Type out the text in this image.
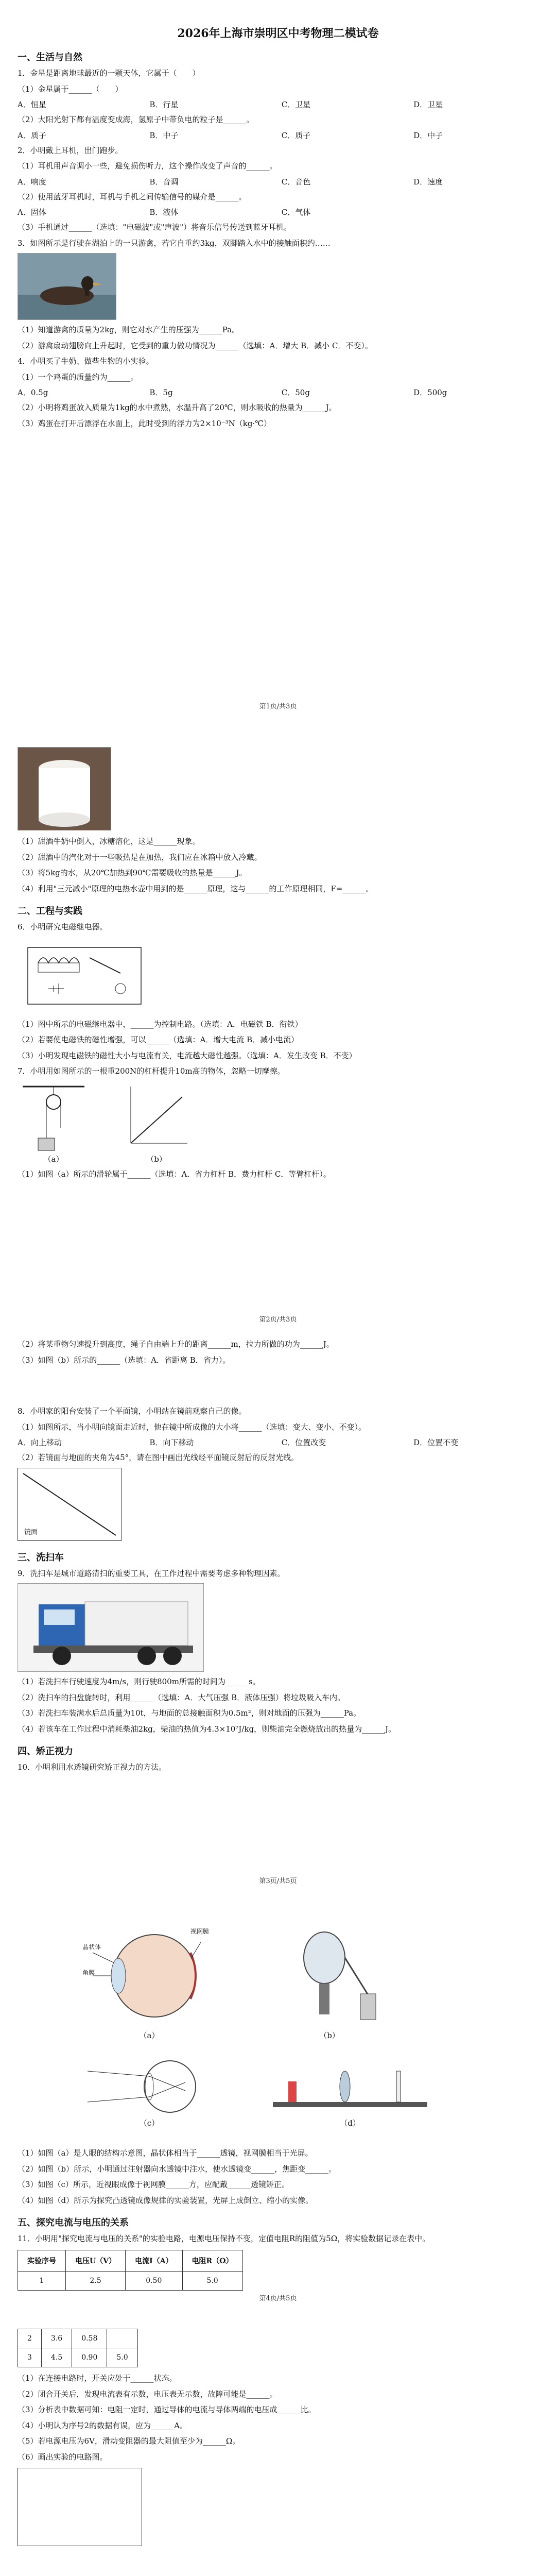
2026年上海市崇明区中考物理二模试卷
一、生活与自然

1．金星是距离地球最近的一颗天体，它属于（　　）

（1）金星属于______（　　）

A．恒星	B．行星	C．卫星	D．卫星

（2）大阳光射下都有温度变成海，氢原子中带负电的粒子是______。

A．质子	B．中子	C．质子	D．中子

2．小明戴上耳机，出门跑步。

（1）耳机用声音调小一些，避免损伤听力，这个操作改变了声音的______。

A．响度	B．音调	C．音色	D．速度

（2）使用蓝牙耳机时，耳机与手机之间传输信号的媒介是______。

A．固体	B．液体	C．气体

（3）手机通过______（选填："电磁波"或"声波"）将音乐信号传送到蓝牙耳机。

3．如图所示是行驶在湖泊上的一只游禽，若它自重约3kg，双脚踏入水中的接触面积约……

（1）知道游禽的质量为2kg，则它对水产生的压强为______Pa。

（2）游禽扇动翅膀向上升起时，它受到的重力做功情况为______（选填：A．增大 B．减小 C．不变）。

4．小明买了牛奶、做些生物的小实验。

（1）一个鸡蛋的质量约为______。

A．0.5g	B．5g	C．50g	D．500g

（2）小明将鸡蛋放入质量为1kg的水中煮熟，水温升高了20℃，则水吸收的热量为______J。

（3）鸡蛋在打开后漂浮在水面上，此时受到的浮力为2×10⁻³N（kg·℃）

第1页/共3页

（1）甜酒牛奶中倒入，冰糖溶化，这是______现象。

（2）甜酒中的汽化对于一些吸热是在加热，我们应在冰箱中放入冷藏。

（3）将5kg的水，从20℃加热到90℃需要吸收的热量是______J。

（4）利用"三元减小"原理的电热水壶中用到的是______原理，这与______的工作原理相同，F=______。

二、工程与实践

6．小明研究电磁继电器。

（1）图中所示的电磁继电器中，______为控制电路。（选填：A．电磁铁 B．衔铁）

（2）若要使电磁铁的磁性增强，可以______（选填：A．增大电流 B．减小电流）

（3）小明发现电磁铁的磁性大小与电流有关，电流越大磁性越强。（选填：A．发生改变 B．不变）

7．小明用如图所示的一根重200N的杠杆提升10m高的物体，忽略一切摩擦。

（a）	（b）

（1）如图（a）所示的滑轮属于______（选填：A．省力杠杆 B．费力杠杆 C．等臂杠杆）。

第2页/共3页

（2）将某重物匀速提升到高度，绳子自由端上升的距离______m，拉力所做的功为______J。

（3）如图（b）所示的______（选填：A．省距离 B．省力）。

8．小明家的阳台安装了一个平面镜，小明站在镜前观察自己的像。

（1）如图所示，当小明向镜面走近时，他在镜中所成像的大小将______（选填：变大、变小、不变）。

A．向上移动	B．向下移动	C．位置改变	D．位置不变

（2）若镜面与地面的夹角为45°，请在图中画出光线经平面镜反射后的反射光线。

镜面
三、洗扫车

9．洗扫车是城市道路清扫的重要工具，在工作过程中需要考虑多种物理因素。

（1）若洗扫车行驶速度为4m/s，则行驶800m所需的时间为______s。

（2）洗扫车的扫盘旋转时，利用______（选填：A．大气压强 B．液体压强）将垃圾吸入车内。

（3）若洗扫车装满水后总质量为10t，与地面的总接触面积为0.5m²，则对地面的压强为______Pa。

（4）若该车在工作过程中消耗柴油2kg，柴油的热值为4.3×10⁷J/kg，则柴油完全燃烧放出的热量为______J。

四、矫正视力

10．小明利用水透镜研究矫正视力的方法。

第3页/共5页
晶状体
角膜
视网膜
（a）	（b）
（c）	（d）

（1）如图（a）是人眼的结构示意图，晶状体相当于______透镜，视网膜相当于光屏。

（2）如图（b）所示，小明通过注射器向水透镜中注水，使水透镜变______，焦距变______。

（3）如图（c）所示，近视眼成像于视网膜______方，应配戴______透镜矫正。

（4）如图（d）所示为探究凸透镜成像规律的实验装置，光屏上成倒立、缩小的实像。

五、探究电流与电压的关系

11．小明用"探究电流与电压的关系"的实验电路，电源电压保持不变，定值电阻R的阻值为5Ω，将实验数据记录在表中。

实验序号	电压U（V）	电流I（A）	电阻R（Ω）
1	2.5	0.50	5.0
第4页/共5页
2	3.6	0.58	
3	4.5	0.90	5.0

（1）在连接电路时，开关应处于______状态。

（2）闭合开关后，发现电流表有示数，电压表无示数，故障可能是______。

（3）分析表中数据可知：电阻一定时，通过导体的电流与导体两端的电压成______比。

（4）小明认为序号2的数据有误，应为______A。

（5）若电源电压为6V，滑动变阻器的最大阻值至少为______Ω。

（6）画出实验的电路图。
